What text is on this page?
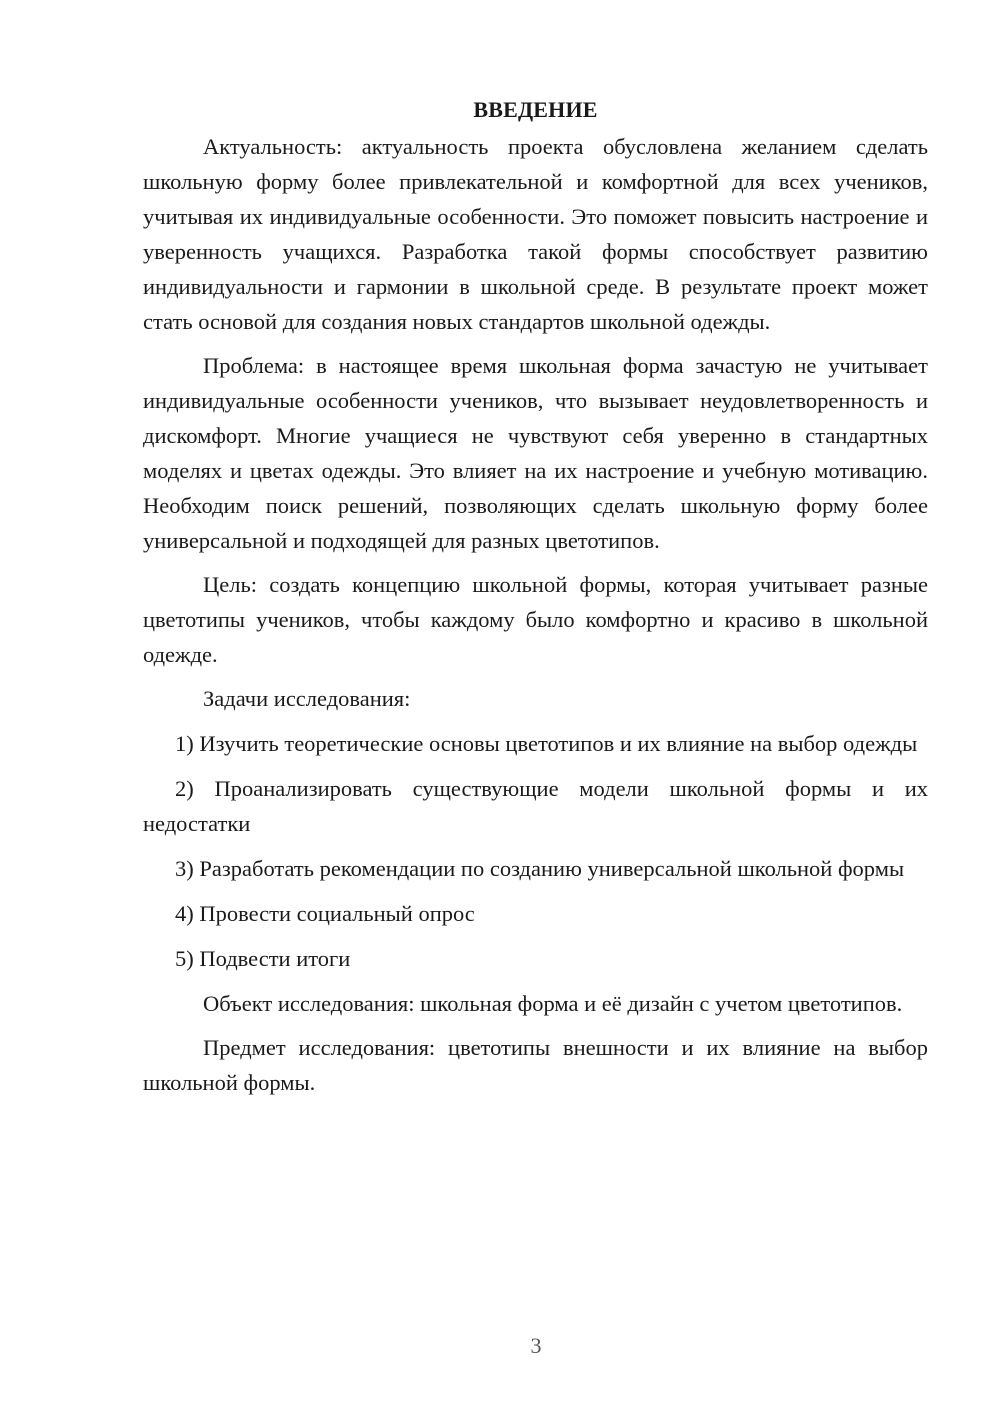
ВВЕДЕНИЕ

Актуальность: актуальность проекта обусловлена желанием сделать школьную форму более привлекательной и комфортной для всех учеников, учитывая их индивидуальные особенности. Это поможет повысить настроение и уверенность учащихся. Разработка такой формы способствует развитию индивидуальности и гармонии в школьной среде. В результате проект может стать основой для создания новых стандартов школьной одежды.

Проблема: в настоящее время школьная форма зачастую не учитывает индивидуальные особенности учеников, что вызывает неудовлетворенность и дискомфорт. Многие учащиеся не чувствуют себя уверенно в стандартных моделях и цветах одежды. Это влияет на их настроение и учебную мотивацию. Необходим поиск решений, позволяющих сделать школьную форму более универсальной и подходящей для разных цветотипов.

Цель: создать концепцию школьной формы, которая учитывает разные цветотипы учеников, чтобы каждому было комфортно и красиво в школьной одежде.

Задачи исследования:

1) Изучить теоретические основы цветотипов и их влияние на выбор одежды

2) Проанализировать существующие модели школьной формы и их недостатки

3) Разработать рекомендации по созданию универсальной школьной формы

4) Провести социальный опрос

5) Подвести итоги

Объект исследования: школьная форма и её дизайн с учетом цветотипов.

Предмет исследования: цветотипы внешности и их влияние на выбор школьной формы.

3
